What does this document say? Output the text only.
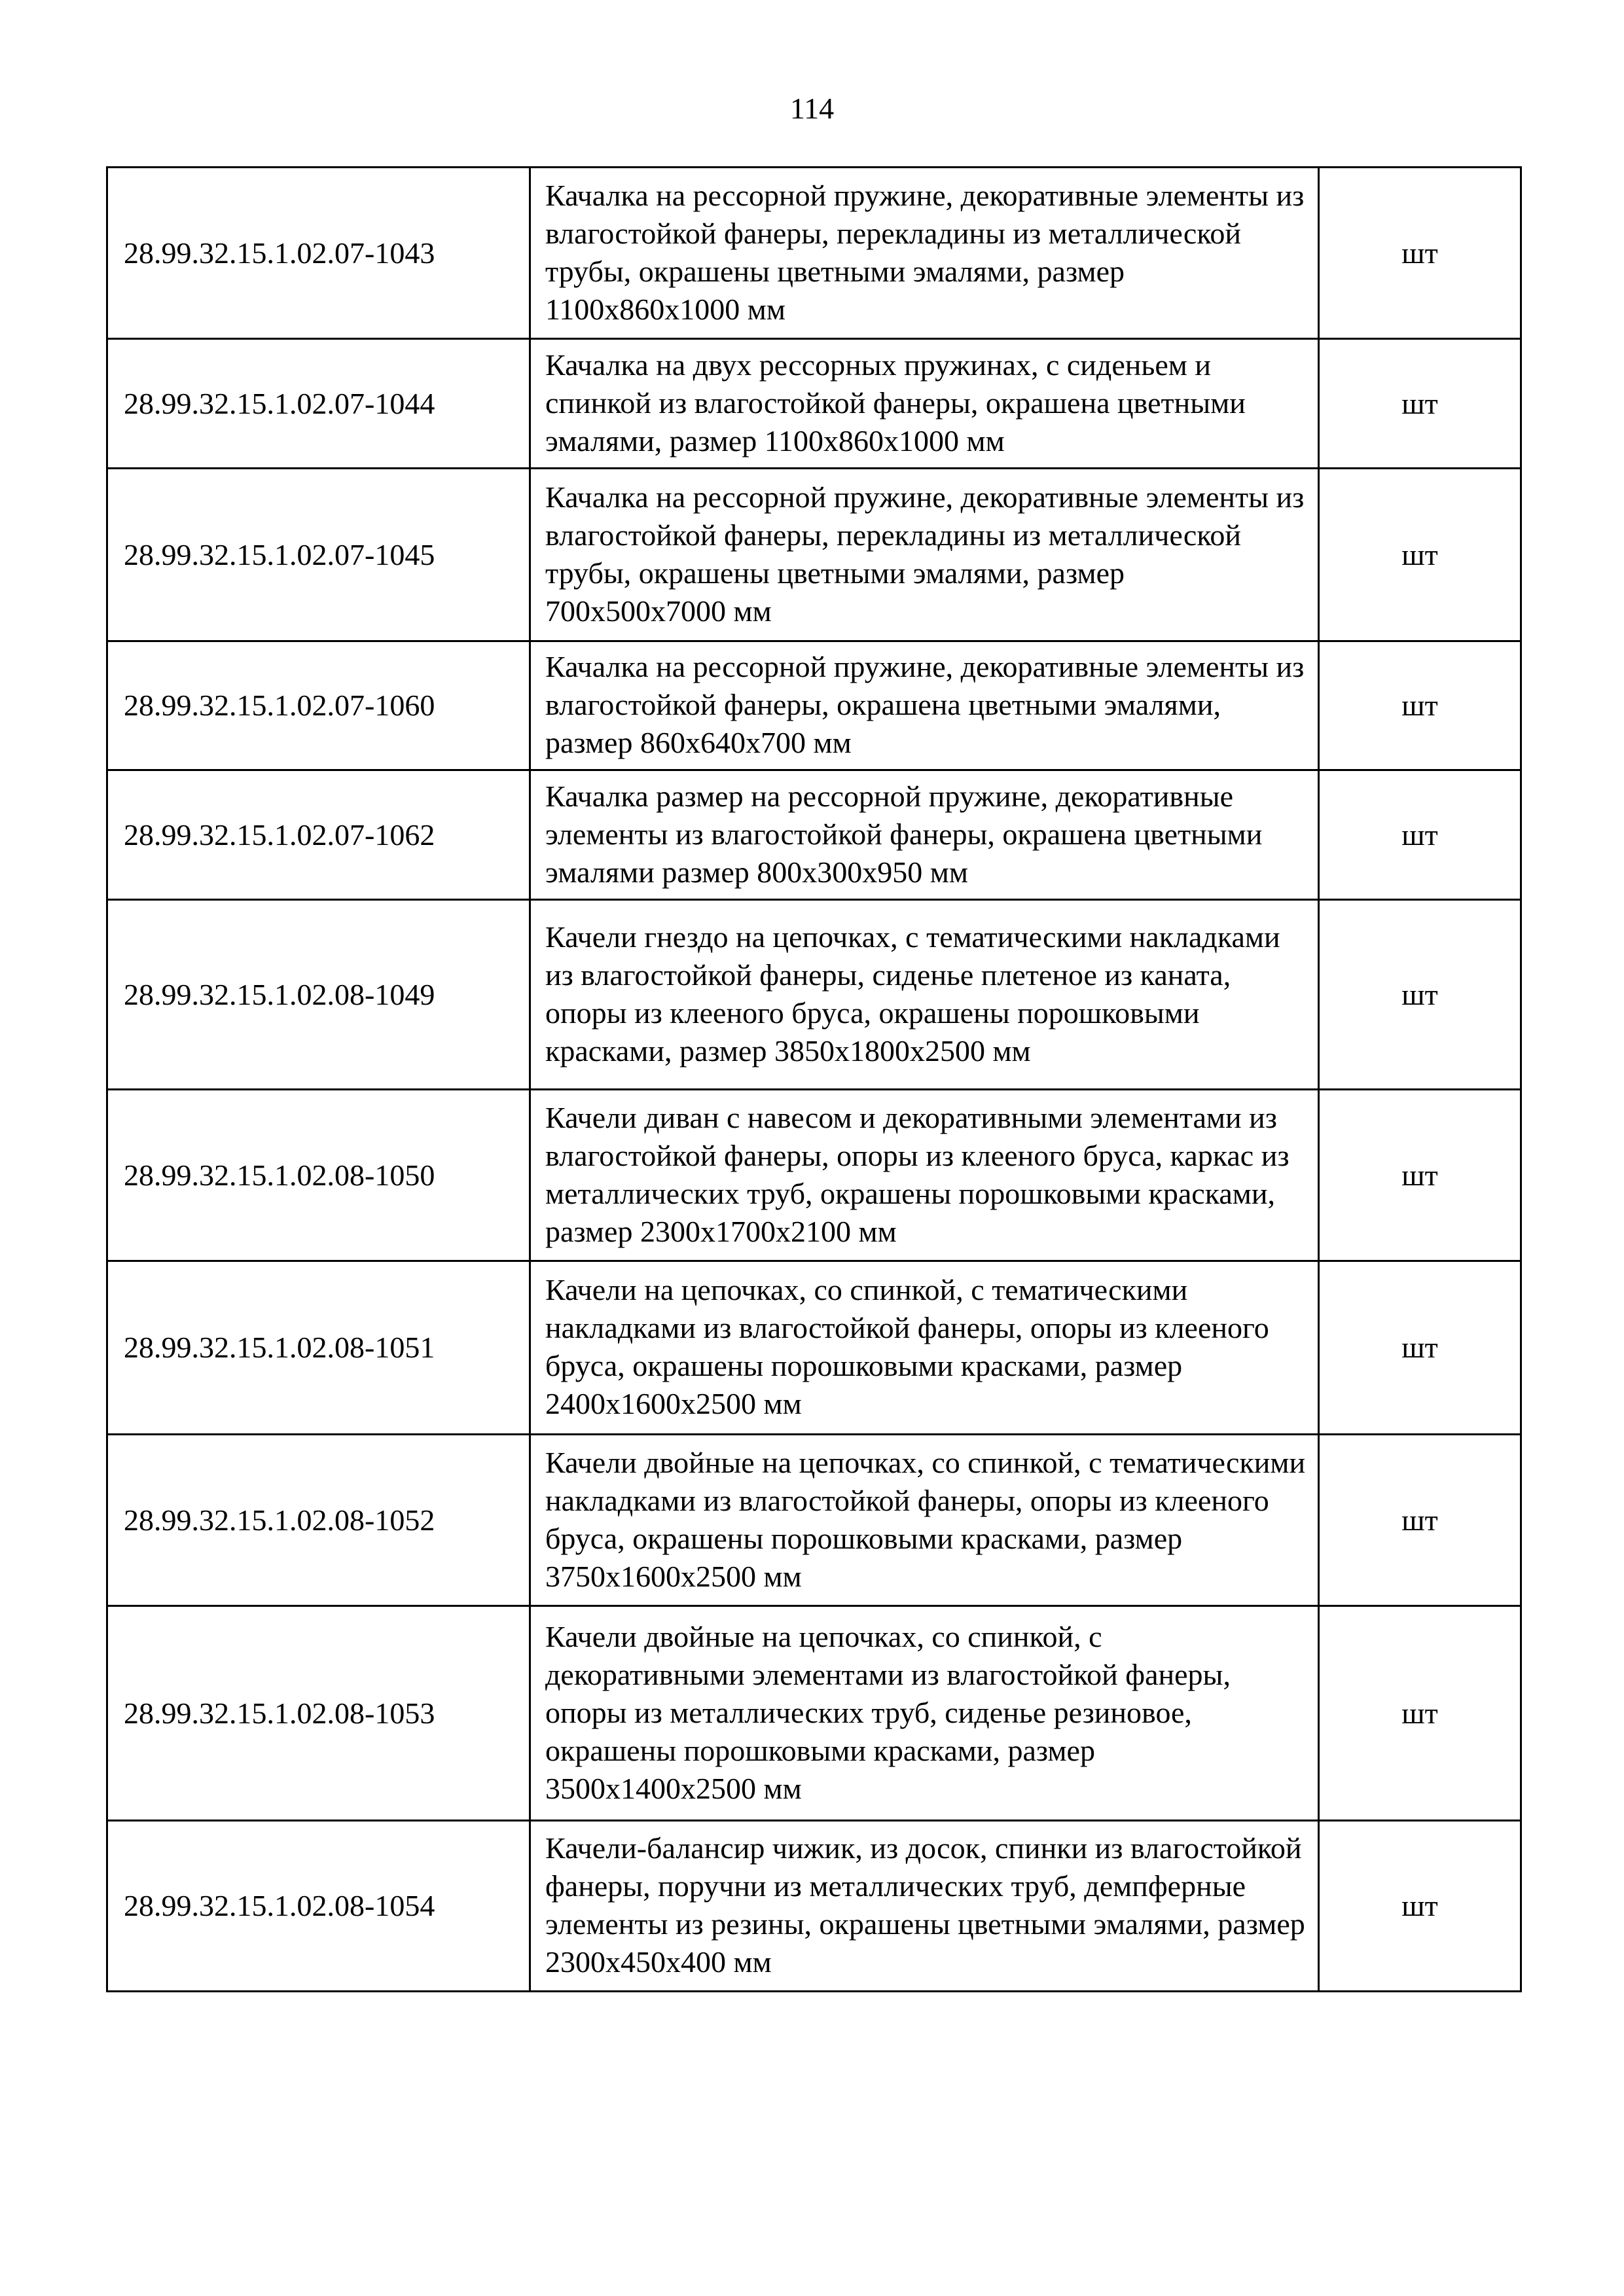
114
28.99.32.15.1.02.07-1043	Качалка на рессорной пружине, декоративные элементы из влагостойкой фанеры, перекладины из металлической трубы, окрашены цветными эмалями, размер 1100х860х1000 мм	шт
28.99.32.15.1.02.07-1044	Качалка на двух рессорных пружинах, с сиденьем и спинкой из влагостойкой фанеры, окрашена цветными эмалями, размер 1100х860х1000 мм	шт
28.99.32.15.1.02.07-1045	Качалка на рессорной пружине, декоративные элементы из влагостойкой фанеры, перекладины из металлической трубы, окрашены цветными эмалями, размер 700х500х7000 мм	шт
28.99.32.15.1.02.07-1060	Качалка на рессорной пружине, декоративные элементы из влагостойкой фанеры, окрашена цветными эмалями, размер 860х640х700 мм	шт
28.99.32.15.1.02.07-1062	Качалка размер на рессорной пружине, декоративные элементы из влагостойкой фанеры, окрашена цветными эмалями размер 800х300х950 мм	шт
28.99.32.15.1.02.08-1049	Качели гнездо на цепочках, с тематическими накладками из влагостойкой фанеры, сиденье плетеное из каната, опоры из клееного бруса, окрашены порошковыми красками, размер 3850х1800х2500 мм	шт
28.99.32.15.1.02.08-1050	Качели диван с навесом и декоративными элементами из влагостойкой фанеры, опоры из клееного бруса, каркас из металлических труб, окрашены порошковыми красками, размер 2300х1700х2100 мм	шт
28.99.32.15.1.02.08-1051	Качели на цепочках, со спинкой, с тематическими накладками из влагостойкой фанеры, опоры из клееного бруса, окрашены порошковыми красками, размер 2400х1600х2500 мм	шт
28.99.32.15.1.02.08-1052	Качели двойные на цепочках, со спинкой, с тематическими накладками из влагостойкой фанеры, опоры из клееного бруса, окрашены порошковыми красками, размер 3750х1600х2500 мм	шт
28.99.32.15.1.02.08-1053	Качели двойные на цепочках, со спинкой, с декоративными элементами из влагостойкой фанеры, опоры из металлических труб, сиденье резиновое, окрашены порошковыми красками, размер 3500х1400х2500 мм	шт
28.99.32.15.1.02.08-1054	Качели-балансир чижик, из досок, спинки из влагостойкой фанеры, поручни из металлических труб, демпферные элементы из резины, окрашены цветными эмалями, размер 2300х450х400 мм	шт
